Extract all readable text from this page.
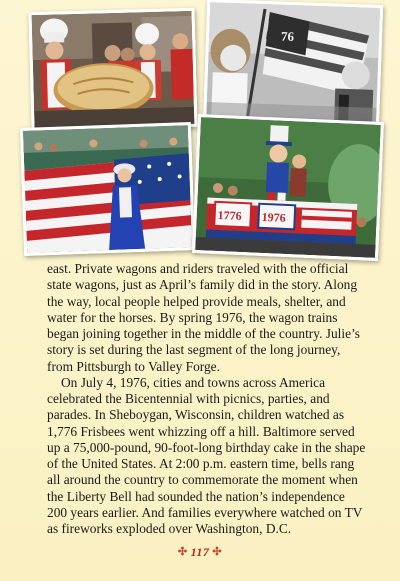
76
1776 1976

east. Private wagons and riders traveled with the official state wagons, just as April’s family did in the story. Along the way, local people helped provide meals, shelter, and water for the horses. By spring 1976, the wagon trains began joining together in the middle of the country. Julie’s story is set during the last segment of the long journey, from Pittsburgh to Valley Forge.

On July 4, 1976, cities and towns across America celebrated the Bicentennial with picnics, parties, and parades. In Sheboygan, Wisconsin, children watched as 1,776 Frisbees went whizzing off a hill. Baltimore served up a 75,000-pound, 90-foot-long birthday cake in the shape of the United States. At 2:00 p.m. eastern time, bells rang all around the country to commemorate the moment when the Liberty Bell had sounded the nation’s independence 200 years earlier. And families everywhere watched on TV as fireworks exploded over Washington, D.C.

✣ 117 ✣
